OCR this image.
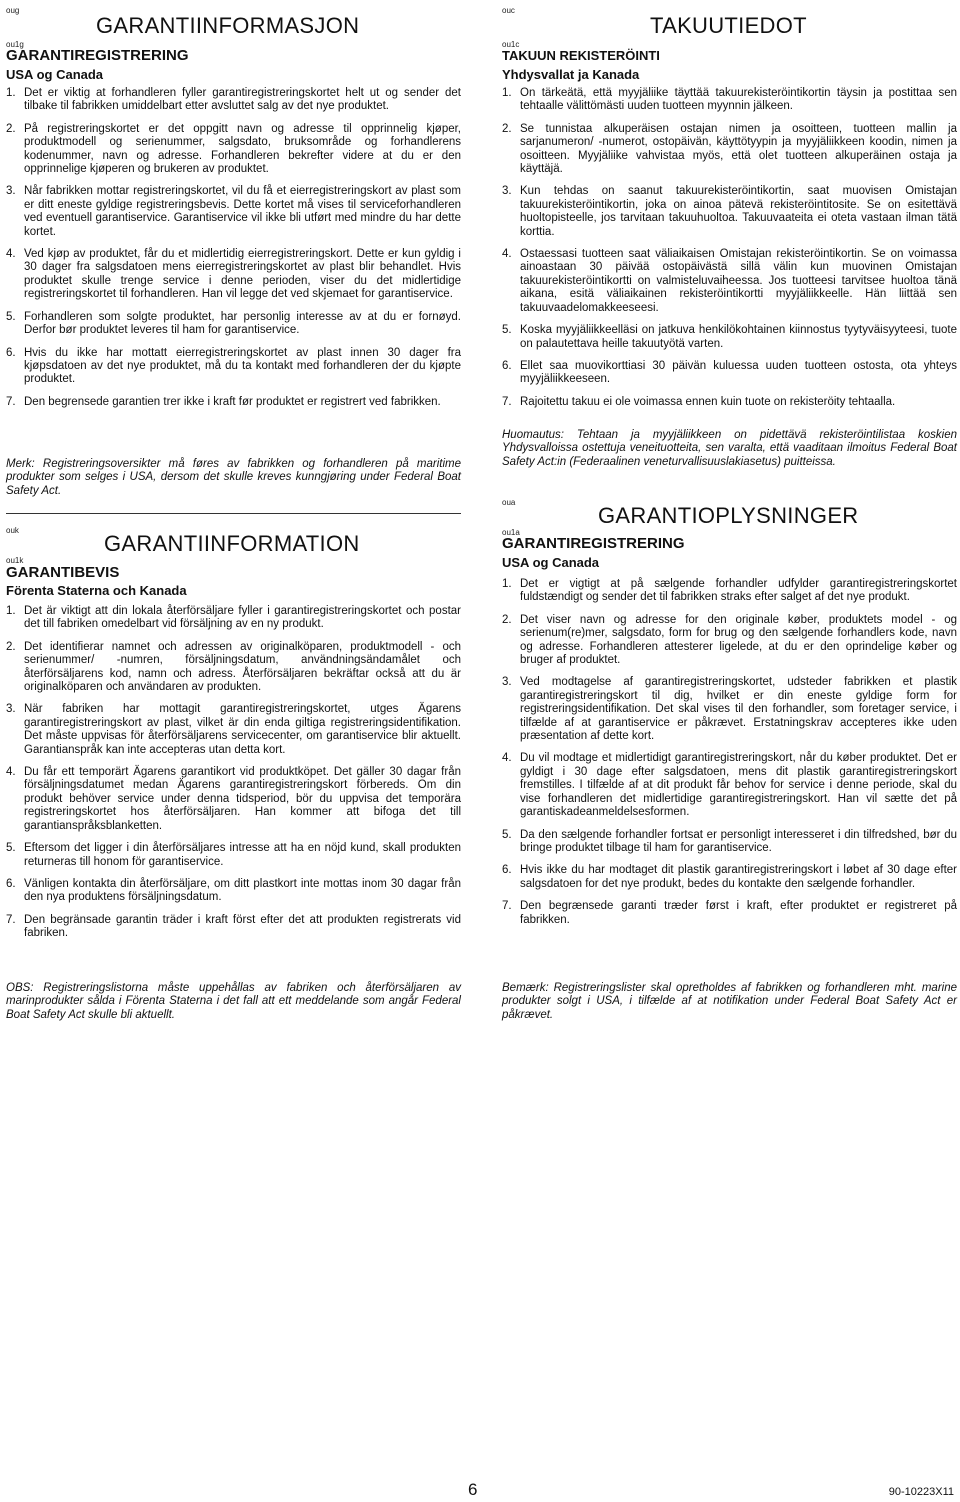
oug
GARANTIINFORMASJON
ou1g
GARANTIREGISTRERING
USA og Canada
1. Det er viktig at forhandleren fyller garantiregistreringskortet helt ut og sender det tilbake til fabrikken umiddelbart etter avsluttet salg av det nye produktet.
2. På registreringskortet er det oppgitt navn og adresse til opprinnelig kjøper, produktmodell og serienummer, salgsdato, bruksområde og forhandlerens kodenummer, navn og adresse. Forhandleren bekrefter videre at du er den opprinnelige kjøperen og brukeren av produktet.
3. Når fabrikken mottar registreringskortet, vil du få et eierregistreringskort av plast som er ditt eneste gyldige registreringsbevis. Dette kortet må vises til serviceforhandleren ved eventuell garantiservice. Garantiservice vil ikke bli utført med mindre du har dette kortet.
4. Ved kjøp av produktet, får du et midlertidig eierregistreringskort. Dette er kun gyldig i 30 dager fra salgsdatoen mens eierregistreringskortet av plast blir behandlet. Hvis produktet skulle trenge service i denne perioden, viser du det midlertidige registreringskortet til forhandleren. Han vil legge det ved skjemaet for garantiservice.
5. Forhandleren som solgte produktet, har personlig interesse av at du er fornøyd. Derfor bør produktet leveres til ham for garantiservice.
6. Hvis du ikke har mottatt eierregistreringskortet av plast innen 30 dager fra kjøpsdatoen av det nye produktet, må du ta kontakt med forhandleren der du kjøpte produktet.
7. Den begrensede garantien trer ikke i kraft før produktet er registrert ved fabrikken.

Merk: Registreringsoversikter må føres av fabrikken og forhandleren på maritime produkter som selges i USA, dersom det skulle kreves kunngjøring under Federal Boat Safety Act.

ouk
GARANTIINFORMATION
ou1k
GARANTIBEVIS
Förenta Staterna och Kanada
1. Det är viktigt att din lokala återförsäljare fyller i garantiregistreringskortet och postar det till fabriken omedelbart vid försäljning av en ny produkt.
2. Det identifierar namnet och adressen av originalköparen, produktmodell - och serienummer/ -numren, försäljningsdatum, användningsändamålet och återförsäljarens kod, namn och adress. Återförsäljaren bekräftar också att du är originalköparen och användaren av produkten.
3. När fabriken har mottagit garantiregistreringskortet, utges Ägarens garantiregistreringskort av plast, vilket är din enda giltiga registreringsidentifikation. Det måste uppvisas för återförsäljarens servicecenter, om garantiservice blir aktuellt. Garantianspråk kan inte accepteras utan detta kort.
4. Du får ett temporärt Ägarens garantikort vid produktköpet. Det gäller 30 dagar från försäljningsdatumet medan Ägarens garantiregistreringskort förbereds. Om din produkt behöver service under denna tidsperiod, bör du uppvisa det temporära registreringskortet hos återförsäljaren. Han kommer att bifoga det till garantianspråksblanketten.
5. Eftersom det ligger i din återförsäljares intresse att ha en nöjd kund, skall produkten returneras till honom för garantiservice.
6. Vänligen kontakta din återförsäljare, om ditt plastkort inte mottas inom 30 dagar från den nya produktens försäljningsdatum.
7. Den begränsade garantin träder i kraft först efter det att produkten registrerats vid fabriken.

OBS: Registreringslistorna måste uppehållas av fabriken och återförsäljaren av marinprodukter sålda i Förenta Staterna i det fall att ett meddelande som angår Federal Boat Safety Act skulle bli aktuellt.

ouc
TAKUUTIEDOT
ou1c
TAKUUN REKISTERÖINTI
Yhdysvallat ja Kanada
1. On tärkeätä, että myyjäliike täyttää takuurekisteröintikortin täysin ja postittaa sen tehtaalle välittömästi uuden tuotteen myynnin jälkeen.
2. Se tunnistaa alkuperäisen ostajan nimen ja osoitteen, tuotteen mallin ja sarjanumeron/ -numerot, ostopäivän, käyttötyypin ja myyjäliikkeen koodin, nimen ja osoitteen. Myyjäliike vahvistaa myös, että olet tuotteen alkuperäinen ostaja ja käyttäjä.
3. Kun tehdas on saanut takuurekisteröintikortin, saat muovisen Omistajan takuurekisteröintikortin, joka on ainoa pätevä rekisteröintitosite. Se on esitettävä huoltopisteelle, jos tarvitaan takuuhuoltoa. Takuuvaateita ei oteta vastaan ilman tätä korttia.
4. Ostaessasi tuotteen saat väliaikaisen Omistajan rekisteröintikortin. Se on voimassa ainoastaan 30 päivää ostopäivästä sillä välin kun muovinen Omistajan takuurekisteröintikortti on valmisteluvaiheessa. Jos tuotteesi tarvitsee huoltoa tänä aikana, esitä väliaikainen rekisteröintikortti myyjäliikkeelle. Hän liittää sen takuuvaadelomakkeeseesi.
5. Koska myyjäliikkeelläsi on jatkuva henkilökohtainen kiinnostus tyytyväisyyteesi, tuote on palautettava heille takuutyötä varten.
6. Ellet saa muovikorttiasi 30 päivän kuluessa uuden tuotteen ostosta, ota yhteys myyjäliikkeeseen.
7. Rajoitettu takuu ei ole voimassa ennen kuin tuote on rekisteröity tehtaalla.

Huomautus: Tehtaan ja myyjäliikkeen on pidettävä rekisteröintilistaa koskien Yhdysvalloissa ostettuja veneituotteita, sen varalta, että vaaditaan ilmoitus Federal Boat Safety Act:in (Federaalinen veneturvallisuuslakiasetus) puitteissa.

oua
GARANTIOPLYSNINGER
ou1a
GARANTIREGISTRERING
USA og Canada
1. Det er vigtigt at på sælgende forhandler udfylder garantiregistreringskortet fuldstændigt og sender det til fabrikken straks efter salget af det nye produkt.
2. Det viser navn og adresse for den originale køber, produktets model - og serienum(re)mer, salgsdato, form for brug og den sælgende forhandlers kode, navn og adresse. Forhandleren attesterer ligelede, at du er den oprindelige køber og bruger af produktet.
3. Ved modtagelse af garantiregistreringskortet, udsteder fabrikken et plastik garantiregistreringskort til dig, hvilket er din eneste gyldige form for registreringsidentifikation. Det skal vises til den forhandler, som foretager service, i tilfælde af at garantiservice er påkrævet. Erstatningskrav accepteres ikke uden præsentation af dette kort.
4. Du vil modtage et midlertidigt garantiregistreringskort, når du køber produktet. Det er gyldigt i 30 dage efter salgsdatoen, mens dit plastik garantiregistreringskort fremstilles. I tilfælde af at dit produkt får behov for service i denne periode, skal du vise forhandleren det midlertidige garantiregistreringskort. Han vil sætte det på garantiskadeanmeldelsesformen.
5. Da den sælgende forhandler fortsat er personligt interesseret i din tilfredshed, bør du bringe produktet tilbage til ham for garantiservice.
6. Hvis ikke du har modtaget dit plastik garantiregistreringskort i løbet af 30 dage efter salgsdatoen for det nye produkt, bedes du kontakte den sælgende forhandler.
7. Den begrænsede garanti træder først i kraft, efter produktet er registreret på fabrikken.

Bemærk: Registreringslister skal opretholdes af fabrikken og forhandleren mht. marine produkter solgt i USA, i tilfælde af at notifikation under Federal Boat Safety Act er påkrævet.

6	90-10223X11
